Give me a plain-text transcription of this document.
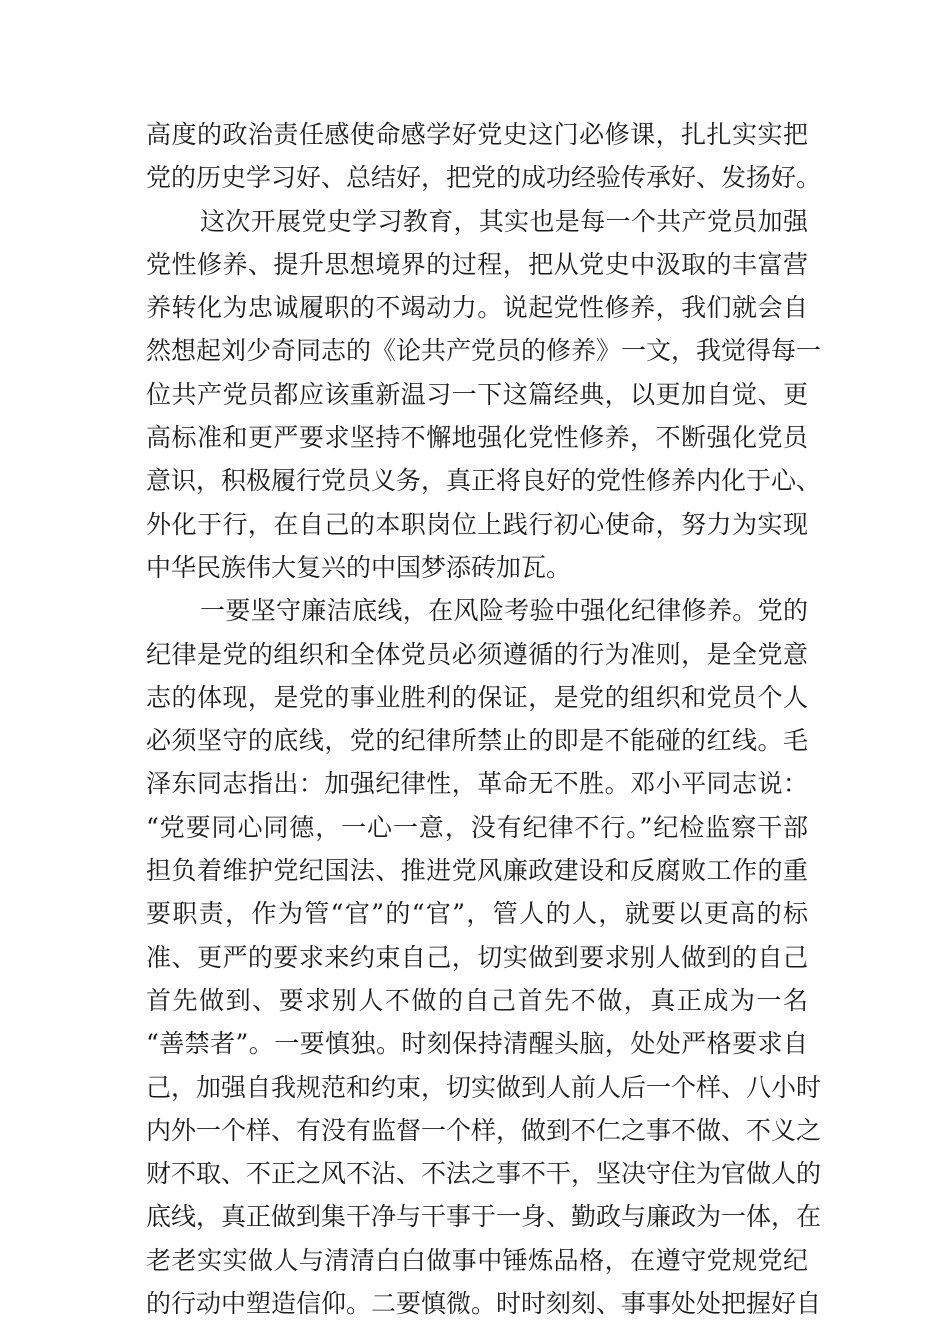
高度的政治责任感使命感学好党史这门必修课，扎扎实实把
党的历史学习好、总结好，把党的成功经验传承好、发扬好。
这次开展党史学习教育，其实也是每一个共产党员加强
党性修养、提升思想境界的过程，把从党史中汲取的丰富营
养转化为忠诚履职的不竭动力。说起党性修养，我们就会自
然想起刘少奇同志的《论共产党员的修养》一文，我觉得每一
位共产党员都应该重新温习一下这篇经典，以更加自觉、更
高标准和更严要求坚持不懈地强化党性修养，不断强化党员
意识，积极履行党员义务，真正将良好的党性修养内化于心、
外化于行，在自己的本职岗位上践行初心使命，努力为实现
中华民族伟大复兴的中国梦添砖加瓦。
一要坚守廉洁底线，在风险考验中强化纪律修养。党的
纪律是党的组织和全体党员必须遵循的行为准则，是全党意
志的体现，是党的事业胜利的保证，是党的组织和党员个人
必须坚守的底线，党的纪律所禁止的即是不能碰的红线。毛
泽东同志指出：加强纪律性，革命无不胜。邓小平同志说：
“党要同心同德，一心一意，没有纪律不行。”纪检监察干部
担负着维护党纪国法、推进党风廉政建设和反腐败工作的重
要职责，作为管“官”的“官”，管人的人，就要以更高的标
准、更严的要求来约束自己，切实做到要求别人做到的自己
首先做到、要求别人不做的自己首先不做，真正成为一名
“善禁者”。一要慎独。时刻保持清醒头脑，处处严格要求自
己，加强自我规范和约束，切实做到人前人后一个样、八小时
内外一个样、有没有监督一个样，做到不仁之事不做、不义之
财不取、不正之风不沾、不法之事不干，坚决守住为官做人的
底线，真正做到集干净与干事于一身、勤政与廉政为一体，在
老老实实做人与清清白白做事中锤炼品格，在遵守党规党纪
的行动中塑造信仰。二要慎微。时时刻刻、事事处处把握好自
